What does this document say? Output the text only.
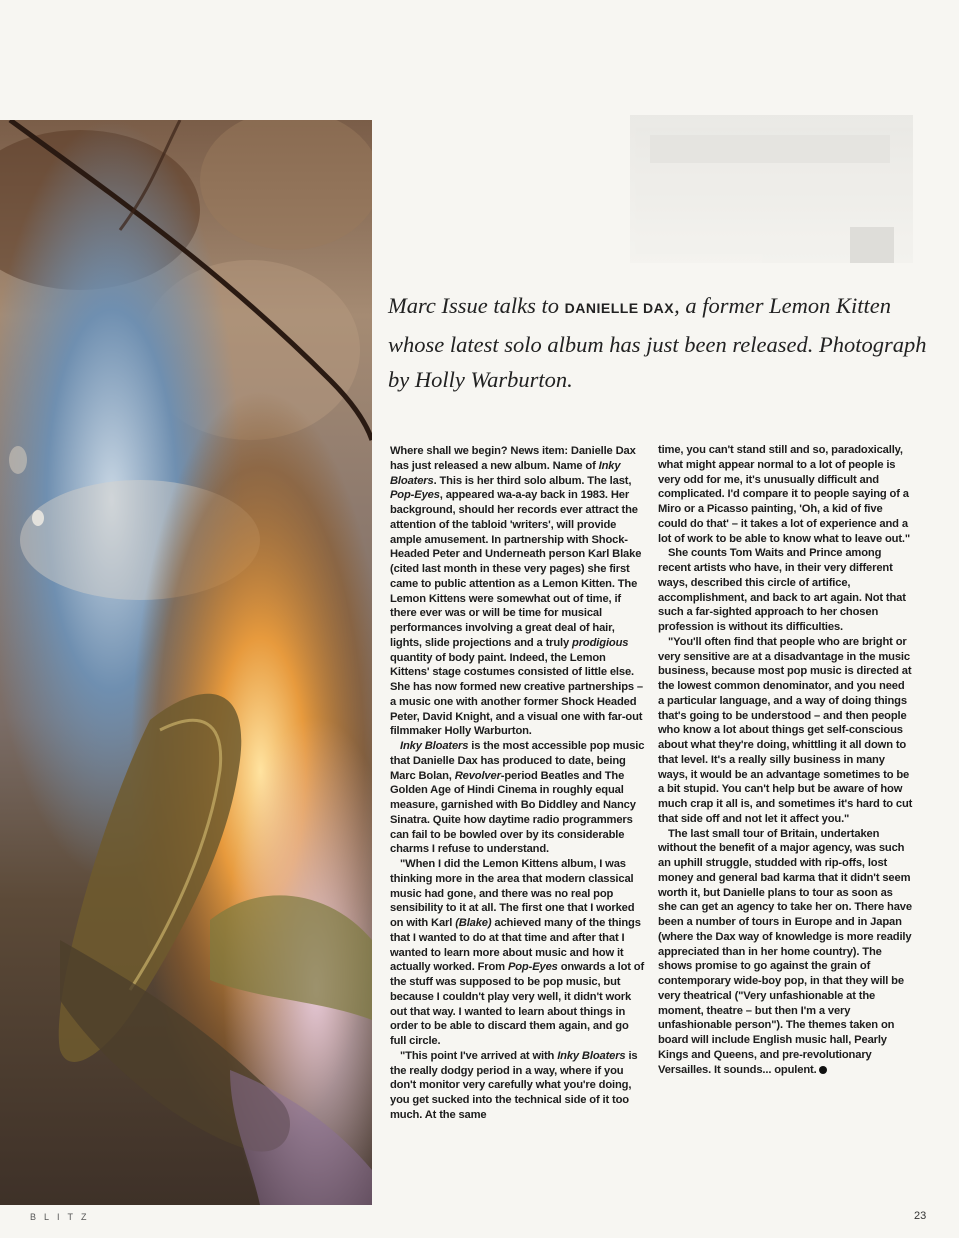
Marc Issue talks to DANIELLE DAX, a former Lemon Kitten whose latest solo album has just been released. Photograph by Holly Warburton.

Where shall we begin? News item: Danielle Dax has just released a new album. Name of Inky Bloaters. This is her third solo album. The last, Pop-Eyes, appeared wa-a-ay back in 1983. Her background, should her records ever attract the attention of the tabloid 'writers', will provide ample amusement. In partnership with Shock-Headed Peter and Underneath person Karl Blake (cited last month in these very pages) she first came to public attention as a Lemon Kitten. The Lemon Kittens were somewhat out of time, if there ever was or will be time for musical performances involving a great deal of hair, lights, slide projections and a truly prodigious quantity of body paint. Indeed, the Lemon Kittens' stage costumes consisted of little else. She has now formed new creative partnerships – a music one with another former Shock Headed Peter, David Knight, and a visual one with far-out filmmaker Holly Warburton.

Inky Bloaters is the most accessible pop music that Danielle Dax has produced to date, being Marc Bolan, Revolver-period Beatles and The Golden Age of Hindi Cinema in roughly equal measure, garnished with Bo Diddley and Nancy Sinatra. Quite how daytime radio programmers can fail to be bowled over by its considerable charms I refuse to understand.

"When I did the Lemon Kittens album, I was thinking more in the area that modern classical music had gone, and there was no real pop sensibility to it at all. The first one that I worked on with Karl (Blake) achieved many of the things that I wanted to do at that time and after that I wanted to learn more about music and how it actually worked. From Pop-Eyes onwards a lot of the stuff was supposed to be pop music, but because I couldn't play very well, it didn't work out that way. I wanted to learn about things in order to be able to discard them again, and go full circle.

"This point I've arrived at with Inky Bloaters is the really dodgy period in a way, where if you don't monitor very carefully what you're doing, you get sucked into the technical side of it too much. At the same

time, you can't stand still and so, paradoxically, what might appear normal to a lot of people is very odd for me, it's unusually difficult and complicated. I'd compare it to people saying of a Miro or a Picasso painting, 'Oh, a kid of five could do that' – it takes a lot of experience and a lot of work to be able to know what to leave out."

She counts Tom Waits and Prince among recent artists who have, in their very different ways, described this circle of artifice, accomplishment, and back to art again. Not that such a far-sighted approach to her chosen profession is without its difficulties.

"You'll often find that people who are bright or very sensitive are at a disadvantage in the music business, because most pop music is directed at the lowest common denominator, and you need a particular language, and a way of doing things that's going to be understood – and then people who know a lot about things get self-conscious about what they're doing, whittling it all down to that level. It's a really silly business in many ways, it would be an advantage sometimes to be a bit stupid. You can't help but be aware of how much crap it all is, and sometimes it's hard to cut that side off and not let it affect you."

The last small tour of Britain, undertaken without the benefit of a major agency, was such an uphill struggle, studded with rip-offs, lost money and general bad karma that it didn't seem worth it, but Danielle plans to tour as soon as she can get an agency to take her on. There have been a number of tours in Europe and in Japan (where the Dax way of knowledge is more readily appreciated than in her home country). The shows promise to go against the grain of contemporary wide-boy pop, in that they will be very theatrical ("Very unfashionable at the moment, theatre – but then I'm a very unfashionable person"). The themes taken on board will include English music hall, Pearly Kings and Queens, and pre-revolutionary Versailles. It sounds... opulent.

BLITZ	23
